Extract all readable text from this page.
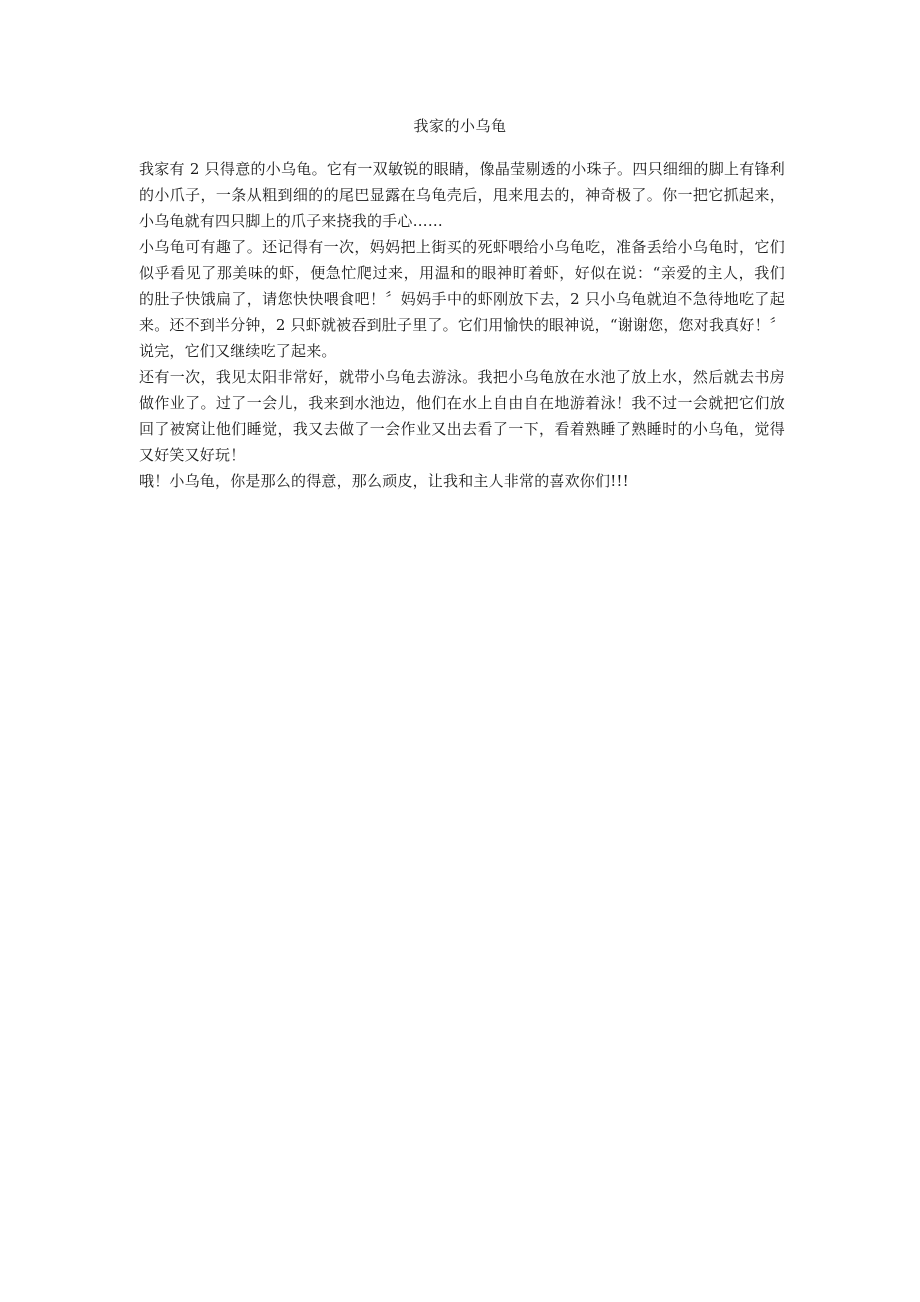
我家的小乌龟

我家有 2 只得意的小乌龟。它有一双敏锐的眼睛，像晶莹剔透的小珠子。四只细细的脚上有锋利的小爪子，一条从粗到细的的尾巴显露在乌龟壳后，甩来甩去的，神奇极了。你一把它抓起来，小乌龟就有四只脚上的爪子来挠我的手心……

小乌龟可有趣了。还记得有一次，妈妈把上街买的死虾喂给小乌龟吃，准备丢给小乌龟时，它们似乎看见了那美味的虾，便急忙爬过来，用温和的眼神盯着虾，好似在说：“亲爱的主人，我们的肚子快饿扁了，请您快快喂食吧！〞妈妈手中的虾刚放下去，2 只小乌龟就迫不急待地吃了起来。还不到半分钟，2 只虾就被吞到肚子里了。它们用愉快的眼神说，“谢谢您，您对我真好！〞说完，它们又继续吃了起来。

还有一次，我见太阳非常好，就带小乌龟去游泳。我把小乌龟放在水池了放上水，然后就去书房做作业了。过了一会儿，我来到水池边，他们在水上自由自在地游着泳！我不过一会就把它们放回了被窝让他们睡觉，我又去做了一会作业又出去看了一下，看着熟睡了熟睡时的小乌龟，觉得又好笑又好玩！

哦！小乌龟，你是那么的得意，那么顽皮，让我和主人非常的喜欢你们!!!
